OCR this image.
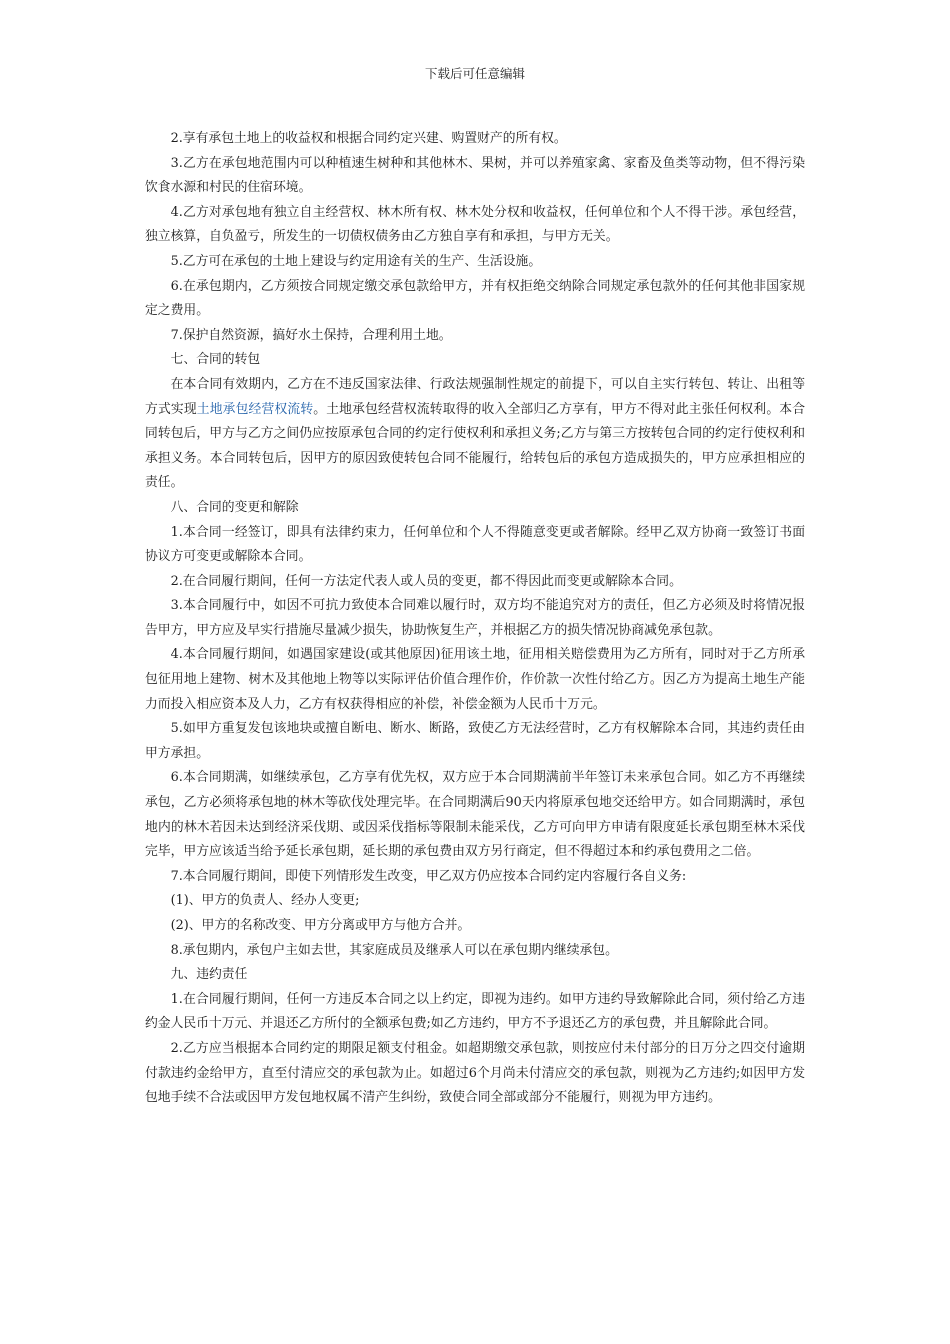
下载后可任意编辑

2.享有承包土地上的收益权和根据合同约定兴建、购置财产的所有权。

3.乙方在承包地范围内可以种植速生树种和其他林木、果树，并可以养殖家禽、家畜及鱼类等动物，但不得污染饮食水源和村民的住宿环境。

4.乙方对承包地有独立自主经营权、林木所有权、林木处分权和收益权，任何单位和个人不得干涉。承包经营，独立核算，自负盈亏，所发生的一切债权债务由乙方独自享有和承担，与甲方无关。

5.乙方可在承包的土地上建设与约定用途有关的生产、生活设施。

6.在承包期内，乙方须按合同规定缴交承包款给甲方，并有权拒绝交纳除合同规定承包款外的任何其他非国家规定之费用。

7.保护自然资源，搞好水土保持，合理利用土地。

七、合同的转包

在本合同有效期内，乙方在不违反国家法律、行政法规强制性规定的前提下，可以自主实行转包、转让、出租等方式实现土地承包经营权流转。土地承包经营权流转取得的收入全部归乙方享有，甲方不得对此主张任何权利。本合同转包后，甲方与乙方之间仍应按原承包合同的约定行使权利和承担义务;乙方与第三方按转包合同的约定行使权利和承担义务。本合同转包后，因甲方的原因致使转包合同不能履行，给转包后的承包方造成损失的，甲方应承担相应的责任。

八、合同的变更和解除

1.本合同一经签订，即具有法律约束力，任何单位和个人不得随意变更或者解除。经甲乙双方协商一致签订书面协议方可变更或解除本合同。

2.在合同履行期间，任何一方法定代表人或人员的变更，都不得因此而变更或解除本合同。

3.本合同履行中，如因不可抗力致使本合同难以履行时，双方均不能追究对方的责任，但乙方必须及时将情况报告甲方，甲方应及早实行措施尽量减少损失，协助恢复生产，并根据乙方的损失情况协商减免承包款。

4.本合同履行期间，如遇国家建设(或其他原因)征用该土地，征用相关赔偿费用为乙方所有，同时对于乙方所承包征用地上建物、树木及其他地上物等以实际评估价值合理作价，作价款一次性付给乙方。因乙方为提高土地生产能力而投入相应资本及人力，乙方有权获得相应的补偿，补偿金额为人民币十万元。

5.如甲方重复发包该地块或擅自断电、断水、断路，致使乙方无法经营时，乙方有权解除本合同，其违约责任由甲方承担。

6.本合同期满，如继续承包，乙方享有优先权，双方应于本合同期满前半年签订未来承包合同。如乙方不再继续承包，乙方必须将承包地的林木等砍伐处理完毕。在合同期满后90天内将原承包地交还给甲方。如合同期满时，承包地内的林木若因未达到经济采伐期、或因采伐指标等限制未能采伐，乙方可向甲方申请有限度延长承包期至林木采伐完毕，甲方应该适当给予延长承包期，延长期的承包费由双方另行商定，但不得超过本和约承包费用之二倍。

7.本合同履行期间，即使下列情形发生改变，甲乙双方仍应按本合同约定内容履行各自义务:

(1)、甲方的负责人、经办人变更;

(2)、甲方的名称改变、甲方分离或甲方与他方合并。

8.承包期内，承包户主如去世，其家庭成员及继承人可以在承包期内继续承包。

九、违约责任

1.在合同履行期间，任何一方违反本合同之以上约定，即视为违约。如甲方违约导致解除此合同，须付给乙方违约金人民币十万元、并退还乙方所付的全额承包费;如乙方违约，甲方不予退还乙方的承包费，并且解除此合同。

2.乙方应当根据本合同约定的期限足额支付租金。如超期缴交承包款，则按应付未付部分的日万分之四交付逾期付款违约金给甲方，直至付清应交的承包款为止。如超过6个月尚未付清应交的承包款，则视为乙方违约;如因甲方发包地手续不合法或因甲方发包地权属不清产生纠纷，致使合同全部或部分不能履行，则视为甲方违约。
